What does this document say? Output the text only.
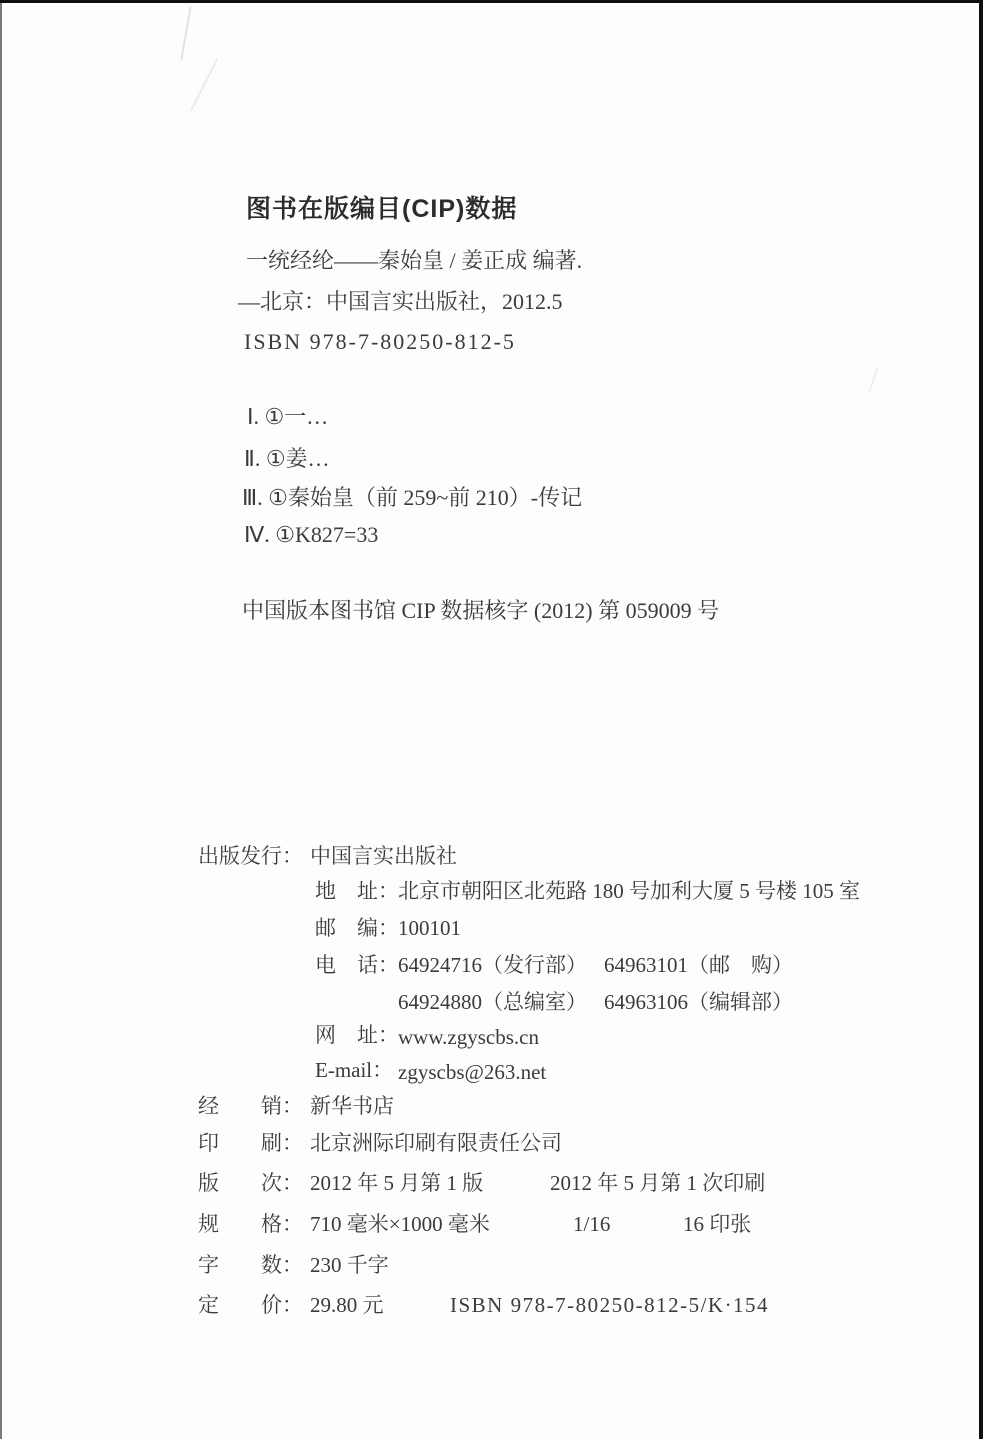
图书在版编目(CIP)数据
一统经纶——秦始皇 / 姜正成 编著.
—北京：中国言实出版社，2012.5
ISBN 978-7-80250-812-5
Ⅰ. ①一…
Ⅱ. ①姜…
Ⅲ. ①秦始皇（前 259~前 210）-传记
Ⅳ. ①K827=33
中国版本图书馆 CIP 数据核字 (2012) 第 059009 号
出版发行： 中国言实出版社
地　址： 北京市朝阳区北苑路 180 号加利大厦 5 号楼 105 室
邮　编： 100101
电　话： 64924716（发行部） 64963101（邮　购）
64924880（总编室） 64963106（编辑部）
网　址： www.zgyscbs.cn
E-mail： zgyscbs@263.net
经　　销： 新华书店
印　　刷： 北京洲际印刷有限责任公司
版　　次： 2012 年 5 月第 1 版	2012 年 5 月第 1 次印刷
规　　格： 710 毫米×1000 毫米	1/16	16 印张
字　　数： 230 千字
定　　价： 29.80 元	ISBN 978-7-80250-812-5/K·154
